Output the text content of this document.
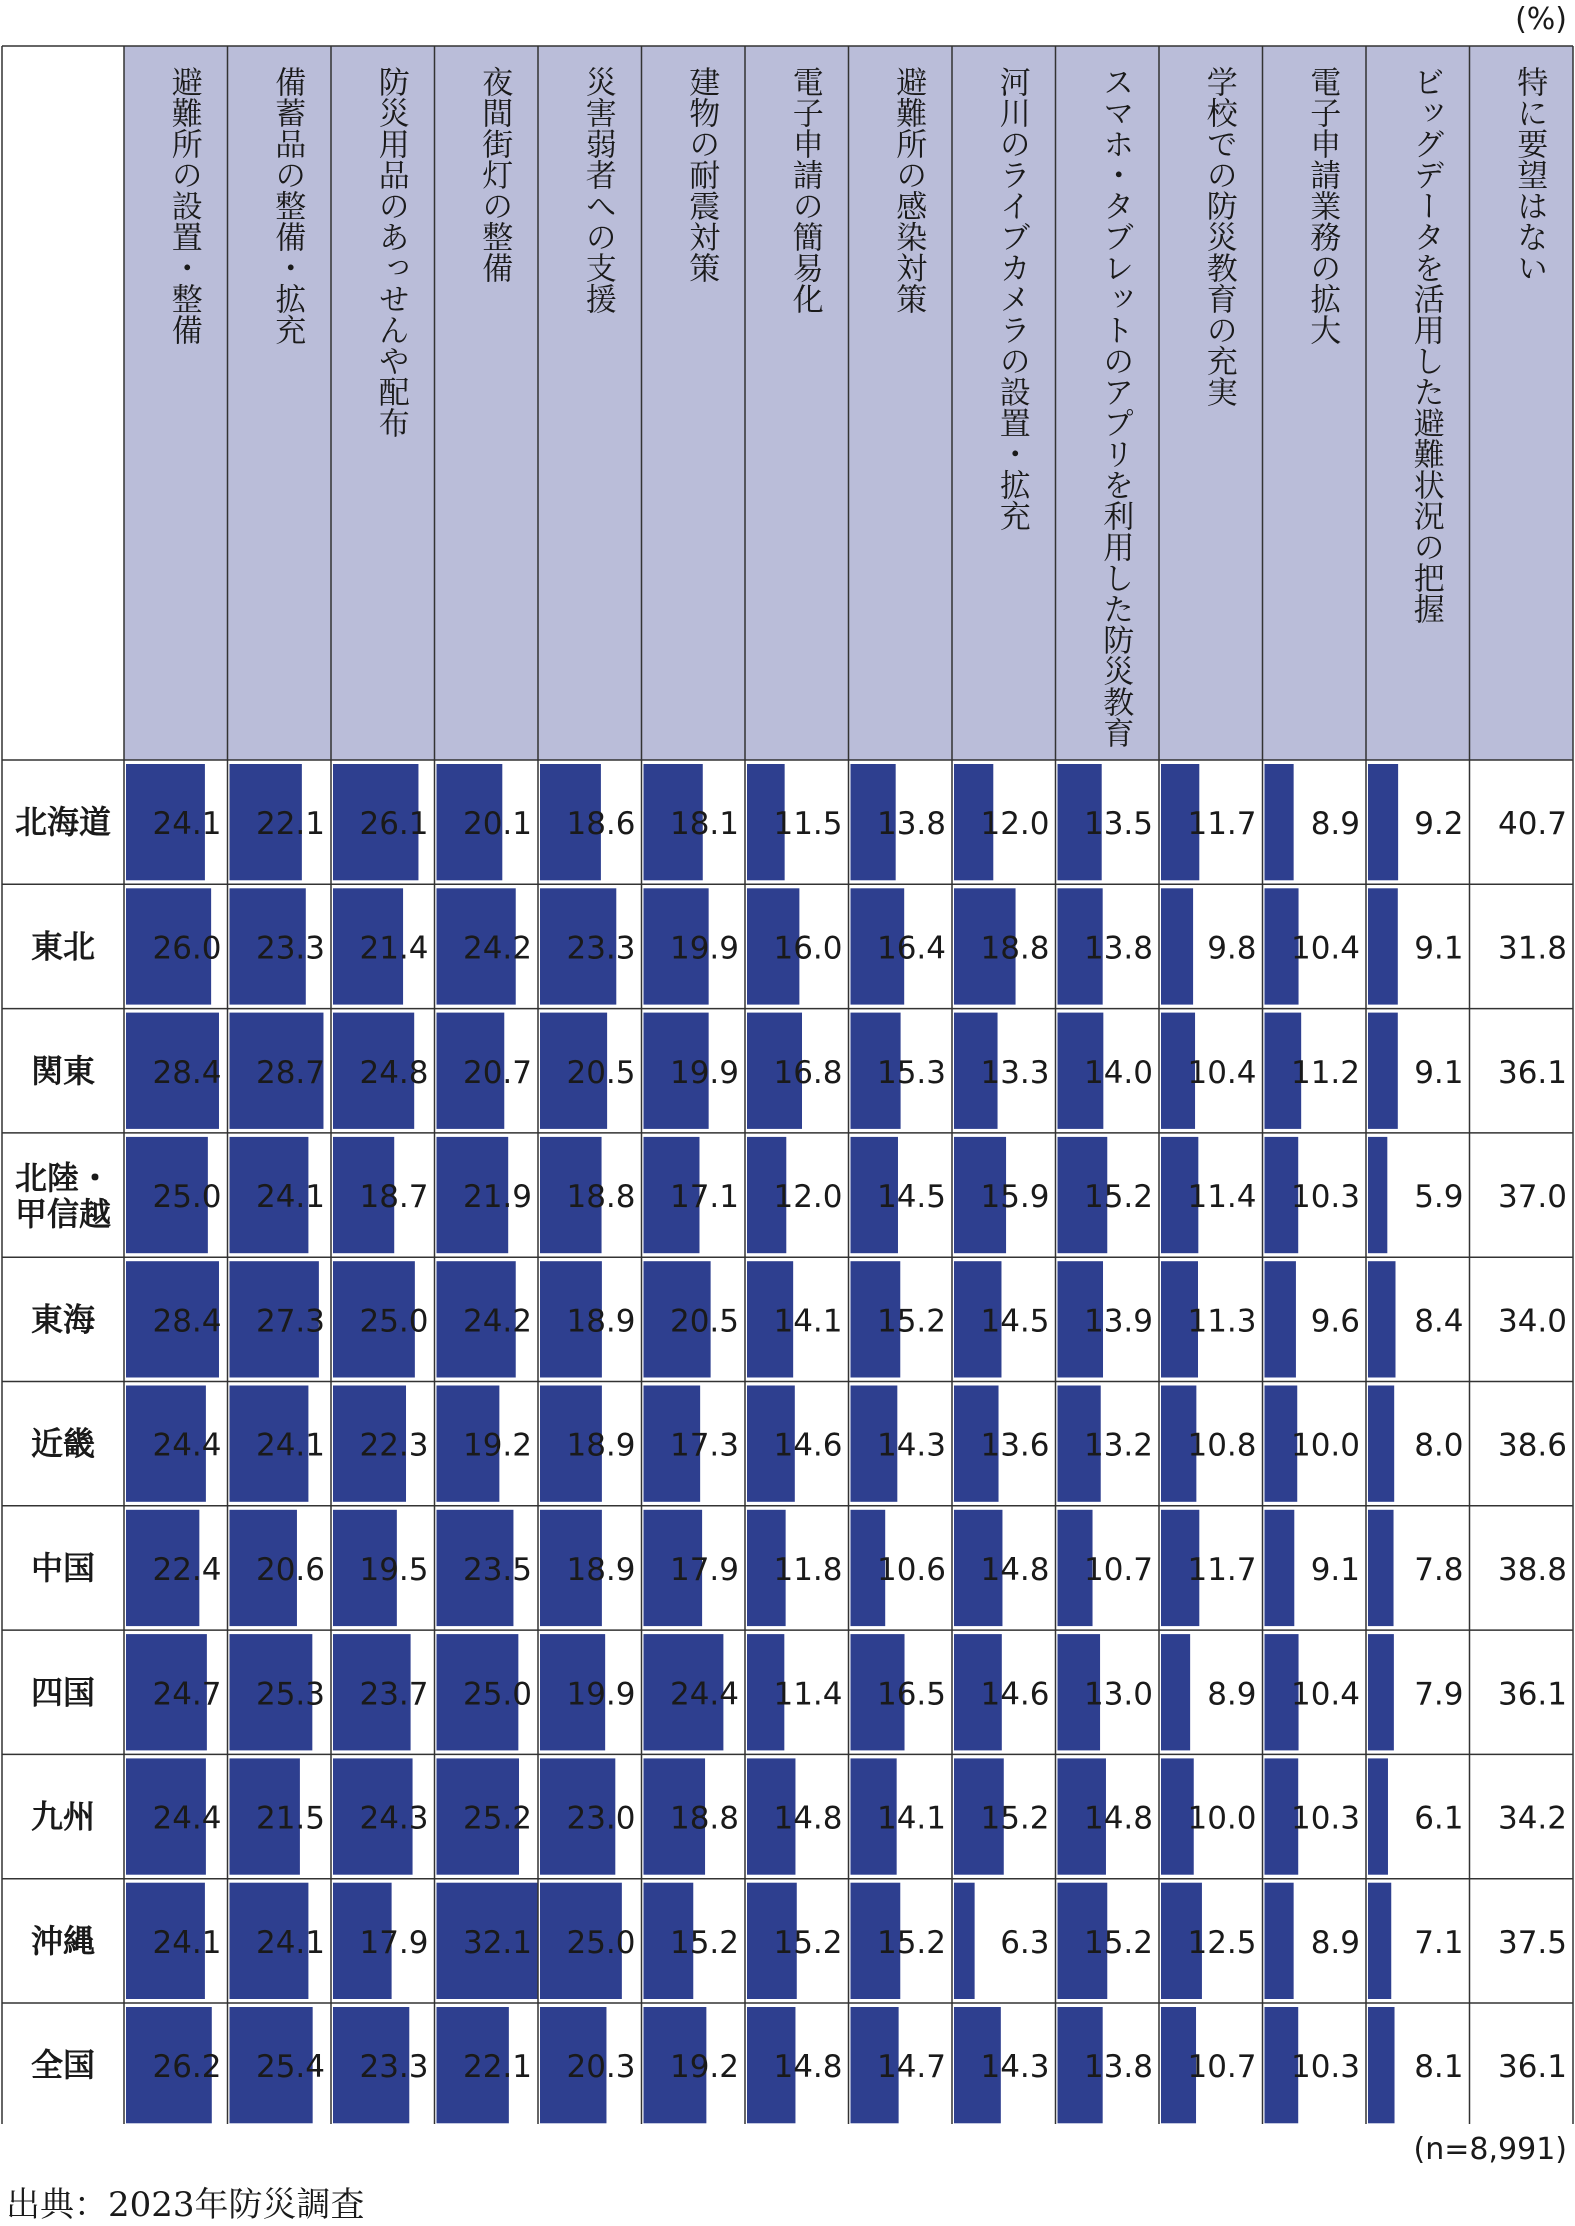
(%)
避難所の設置・整備 備蓄品の整備・拡充 防災用品のあっせんや配布 夜間街灯の整備 災害弱者への支援 建物の耐震対策 電子申請の簡易化 避難所の感染対策 河川のライブカメラの設置・拡充 スマホ・タブレットのアプリを利用した防災教育 学校での防災教育の充実 電子申請業務の拡大 ビッグデータを活用した避難状況の把握 特に要望はない
北海道 24.1 22.1 26.1 20.1 18.6 18.1 11.5 13.8 12.0 13.5 11.7 8.9 9.2 40.7
東北 26.0 23.3 21.4 24.2 23.3 19.9 16.0 16.4 18.8 13.8 9.8 10.4 9.1 31.8
関東 28.4 28.7 24.8 20.7 20.5 19.9 16.8 15.3 13.3 14.0 10.4 11.2 9.1 36.1
北陸・甲信越 25.0 24.1 18.7 21.9 18.8 17.1 12.0 14.5 15.9 15.2 11.4 10.3 5.9 37.0
東海 28.4 27.3 25.0 24.2 18.9 20.5 14.1 15.2 14.5 13.9 11.3 9.6 8.4 34.0
近畿 24.4 24.1 22.3 19.2 18.9 17.3 14.6 14.3 13.6 13.2 10.8 10.0 8.0 38.6
中国 22.4 20.6 19.5 23.5 18.9 17.9 11.8 10.6 14.8 10.7 11.7 9.1 7.8 38.8
四国 24.7 25.3 23.7 25.0 19.9 24.4 11.4 16.5 14.6 13.0 8.9 10.4 7.9 36.1
九州 24.4 21.5 24.3 25.2 23.0 18.8 14.8 14.1 15.2 14.8 10.0 10.3 6.1 34.2
沖縄 24.1 24.1 17.9 32.1 25.0 15.2 15.2 15.2 6.3 15.2 12.5 8.9 7.1 37.5
全国 26.2 25.4 23.3 22.1 20.3 19.2 14.8 14.7 14.3 13.8 10.7 10.3 8.1 36.1
(n=8,991)
出典：2023年防災調査
